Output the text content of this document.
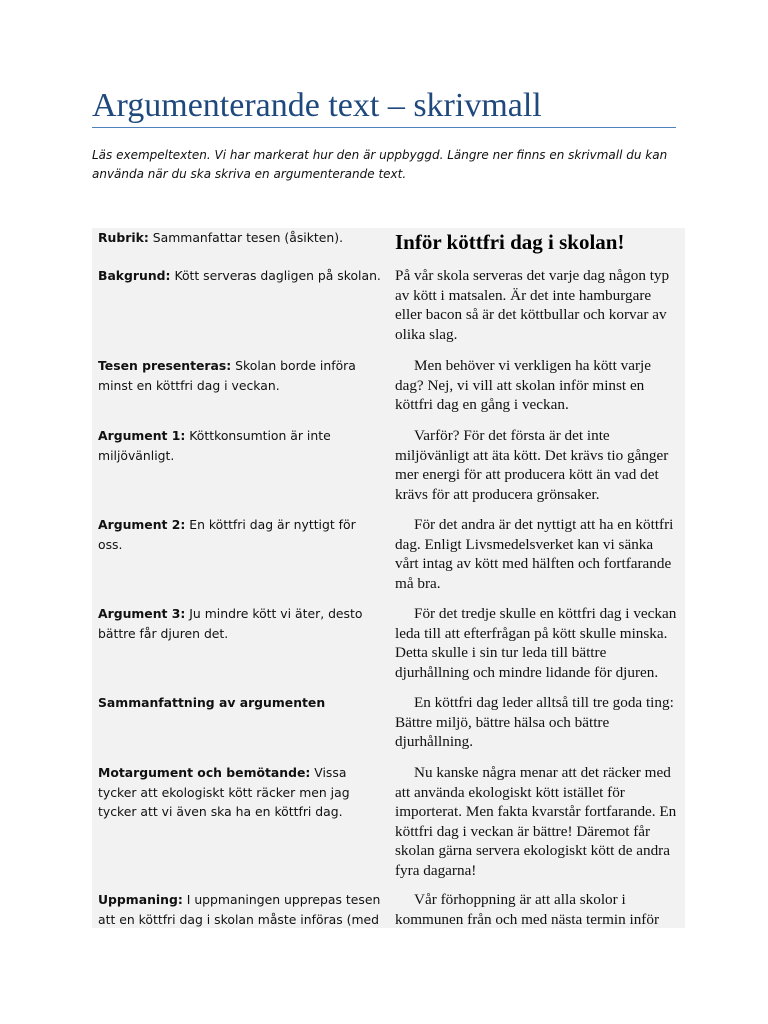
Argumenterande text – skrivmall
Läs exempeltexten. Vi har markerat hur den är uppbyggd. Längre ner finns en skrivmall du kan använda när du ska skriva en argumenterande text.
Rubrik: Sammanfattar tesen (åsikten).	Inför köttfri dag i skolan!
Bakgrund: Kött serveras dagligen på skolan. På vår skola serveras det varje dag någon typ av kött i matsalen. Är det inte hamburgare eller bacon så är det köttbullar och korvar av olika slag.
Tesen presenteras: Skolan borde införa minst en köttfri dag i veckan.
Men behöver vi verkligen ha kött varje dag? Nej, vi vill att skolan inför minst en köttfri dag en gång i veckan.
Argument 1: Köttkonsumtion är inte miljövänligt.
Varför? För det första är det inte miljövänligt att äta kött. Det krävs tio gånger mer energi för att producera kött än vad det krävs för att producera grönsaker.
Argument 2: En köttfri dag är nyttigt för oss.
För det andra är det nyttigt att ha en köttfri dag. Enligt Livsmedelsverket kan vi sänka vårt intag av kött med hälften och fortfarande må bra.
Argument 3: Ju mindre kött vi äter, desto bättre får djuren det.
För det tredje skulle en köttfri dag i veckan leda till att efterfrågan på kött skulle minska. Detta skulle i sin tur leda till bättre djurhållning och mindre lidande för djuren.
Sammanfattning av argumenten	En köttfri dag leder alltså till tre goda ting: Bättre miljö, bättre hälsa och bättre djurhållning.
Motargument och bemötande: Vissa tycker att ekologiskt kött räcker men jag tycker att vi även ska ha en köttfri dag.
Nu kanske några menar att det räcker med att använda ekologiskt kött istället för importerat. Men fakta kvarstår fortfarande. En köttfri dag i veckan är bättre! Däremot får skolan gärna servera ekologiskt kött de andra fyra dagarna!
Uppmaning: I uppmaningen upprepas tesen att en köttfri dag i skolan måste införas (med
Vår förhoppning är att alla skolor i kommunen från och med nästa termin inför
